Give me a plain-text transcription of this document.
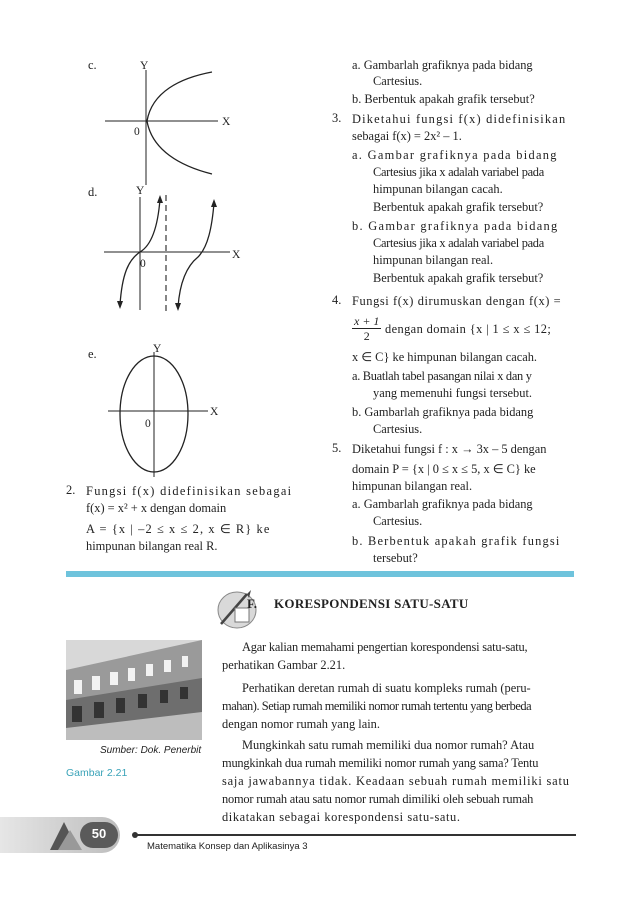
c.	Y
X
0
d.	Y
X
0
e.	Y
X
0
2. Fungsi f(x) didefinisikan sebagai
f(x) = x² + x dengan domain
A = {x | –2 ≤ x ≤ 2, x ∈ R} ke
himpunan bilangan real R.
a. Gambarlah grafiknya pada bidang
Cartesius.
b. Berbentuk apakah grafik tersebut?
3. Diketahui fungsi f(x) didefinisikan
sebagai f(x) = 2x² – 1.
a. Gambar grafiknya pada bidang
Cartesius jika x adalah variabel pada
himpunan bilangan cacah.
Berbentuk apakah grafik tersebut?
b. Gambar grafiknya pada bidang
Cartesius jika x adalah variabel pada
himpunan bilangan real.
Berbentuk apakah grafik tersebut?
4. Fungsi f(x) dirumuskan dengan f(x) =
$\frac{x + 1}{2}$ dengan domain {x | 1 ≤ x ≤ 12;
x ∈ C} ke himpunan bilangan cacah.
a. Buatlah tabel pasangan nilai x dan y
yang memenuhi fungsi tersebut.
b. Gambarlah grafiknya pada bidang
Cartesius.
5. Diketahui fungsi f : x → 3x – 5 dengan
domain P = {x | 0 ≤ x ≤ 5, x ∈ C} ke
himpunan bilangan real.
a. Gambarlah grafiknya pada bidang
Cartesius.
b. Berbentuk apakah grafik fungsi
tersebut?
F. KORESPONDENSI SATU-SATU
Sumber: Dok. Penerbit
Gambar 2.21
Agar kalian memahami pengertian korespondensi satu-satu,
perhatikan Gambar 2.21.
Perhatikan deretan rumah di suatu kompleks rumah (peru-
mahan). Setiap rumah memiliki nomor rumah tertentu yang berbeda
dengan nomor rumah yang lain.
Mungkinkah satu rumah memiliki dua nomor rumah? Atau
mungkinkah dua rumah memiliki nomor rumah yang sama? Tentu
saja jawabannya tidak. Keadaan sebuah rumah memiliki satu
nomor rumah atau satu nomor rumah dimiliki oleh sebuah rumah
dikatakan sebagai korespondensi satu-satu.
50
Matematika Konsep dan Aplikasinya 3
